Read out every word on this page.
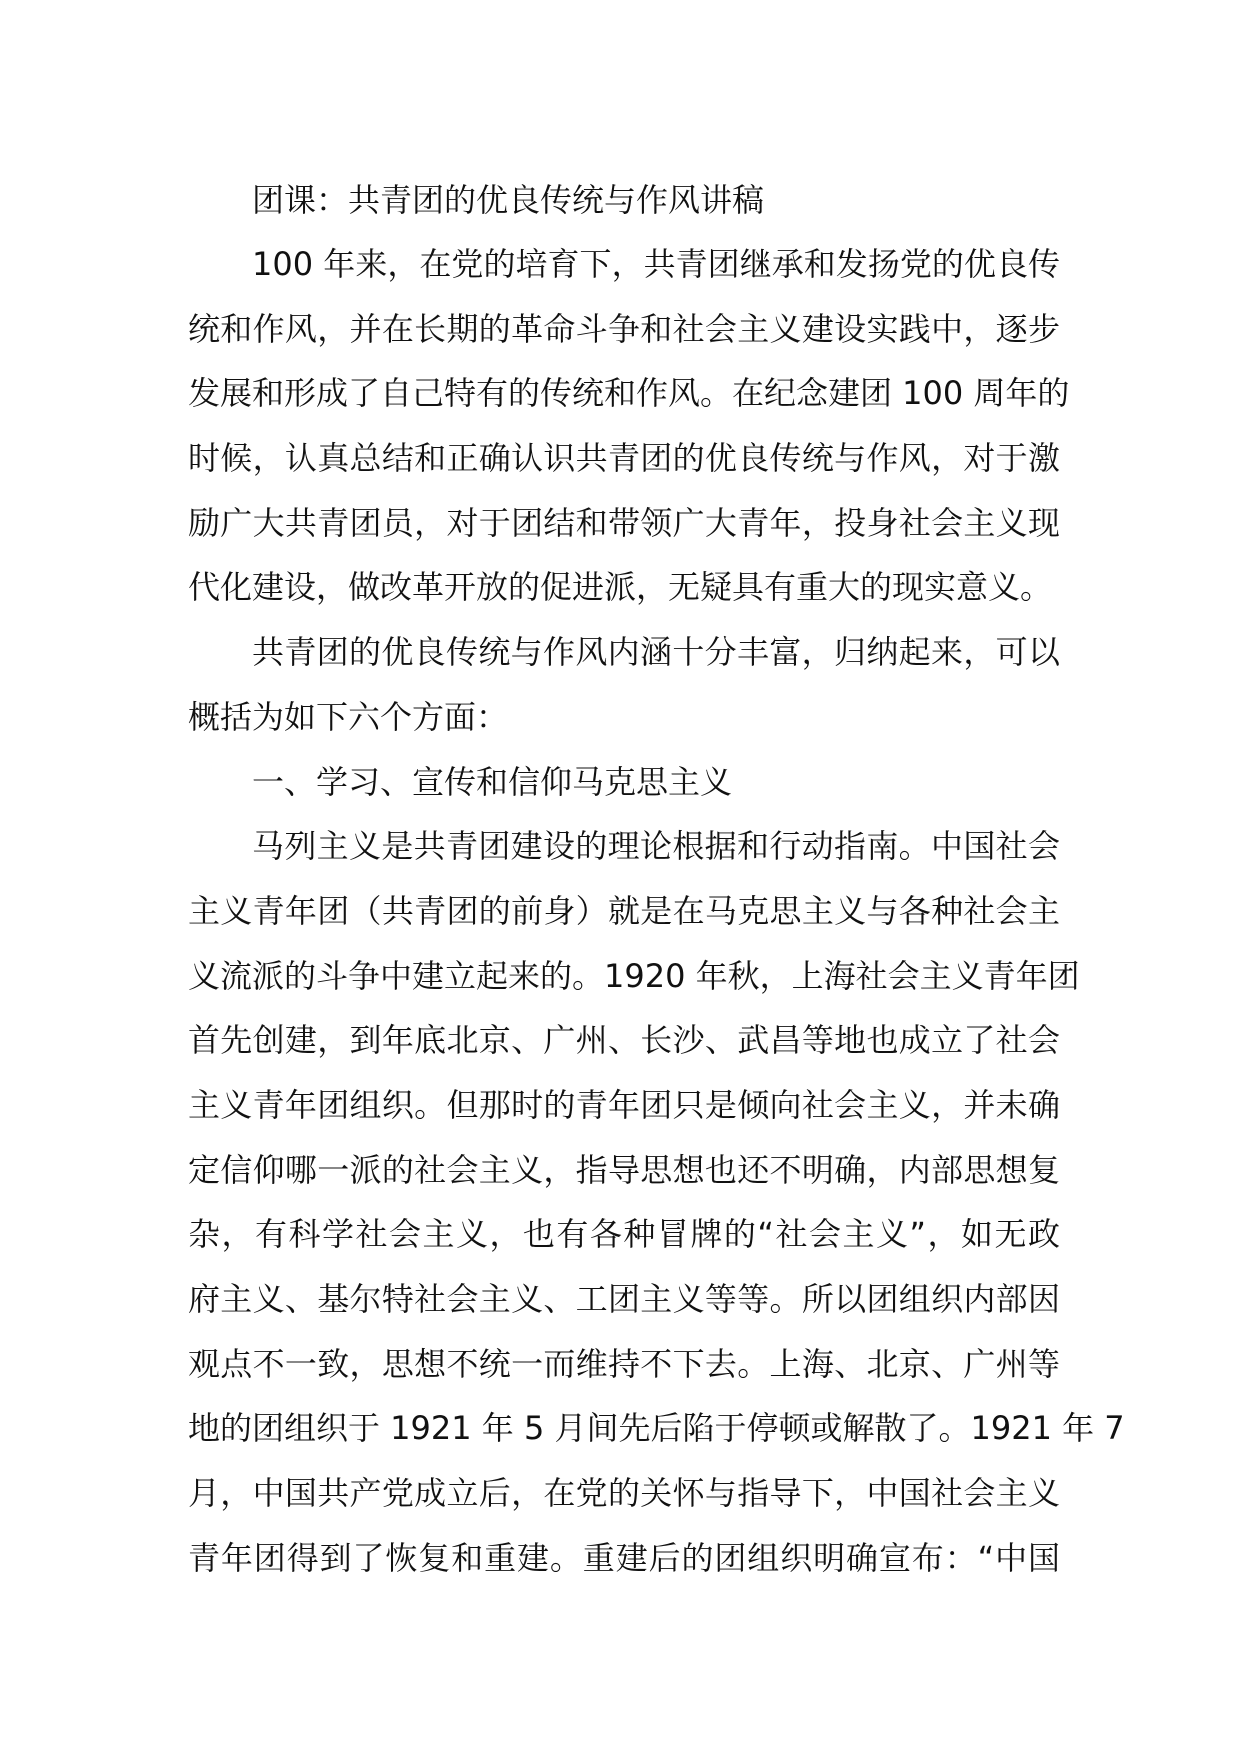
团课：共青团的优良传统与作风讲稿
100 年来，在党的培育下，共青团继承和发扬党的优良传
统和作风，并在长期的革命斗争和社会主义建设实践中，逐步
发展和形成了自己特有的传统和作风。在纪念建团 100 周年的
时候，认真总结和正确认识共青团的优良传统与作风，对于激
励广大共青团员，对于团结和带领广大青年，投身社会主义现
代化建设，做改革开放的促进派，无疑具有重大的现实意义。
共青团的优良传统与作风内涵十分丰富，归纳起来，可以
概括为如下六个方面：
一、学习、宣传和信仰马克思主义
马列主义是共青团建设的理论根据和行动指南。中国社会
主义青年团（共青团的前身）就是在马克思主义与各种社会主
义流派的斗争中建立起来的。1920 年秋，上海社会主义青年团
首先创建，到年底北京、广州、长沙、武昌等地也成立了社会
主义青年团组织。但那时的青年团只是倾向社会主义，并未确
定信仰哪一派的社会主义，指导思想也还不明确，内部思想复
杂，有科学社会主义，也有各种冒牌的“社会主义”，如无政
府主义、基尔特社会主义、工团主义等等。所以团组织内部因
观点不一致，思想不统一而维持不下去。上海、北京、广州等
地的团组织于 1921 年 5 月间先后陷于停顿或解散了。1921 年 7
月，中国共产党成立后，在党的关怀与指导下，中国社会主义
青年团得到了恢复和重建。重建后的团组织明确宣布：“中国
